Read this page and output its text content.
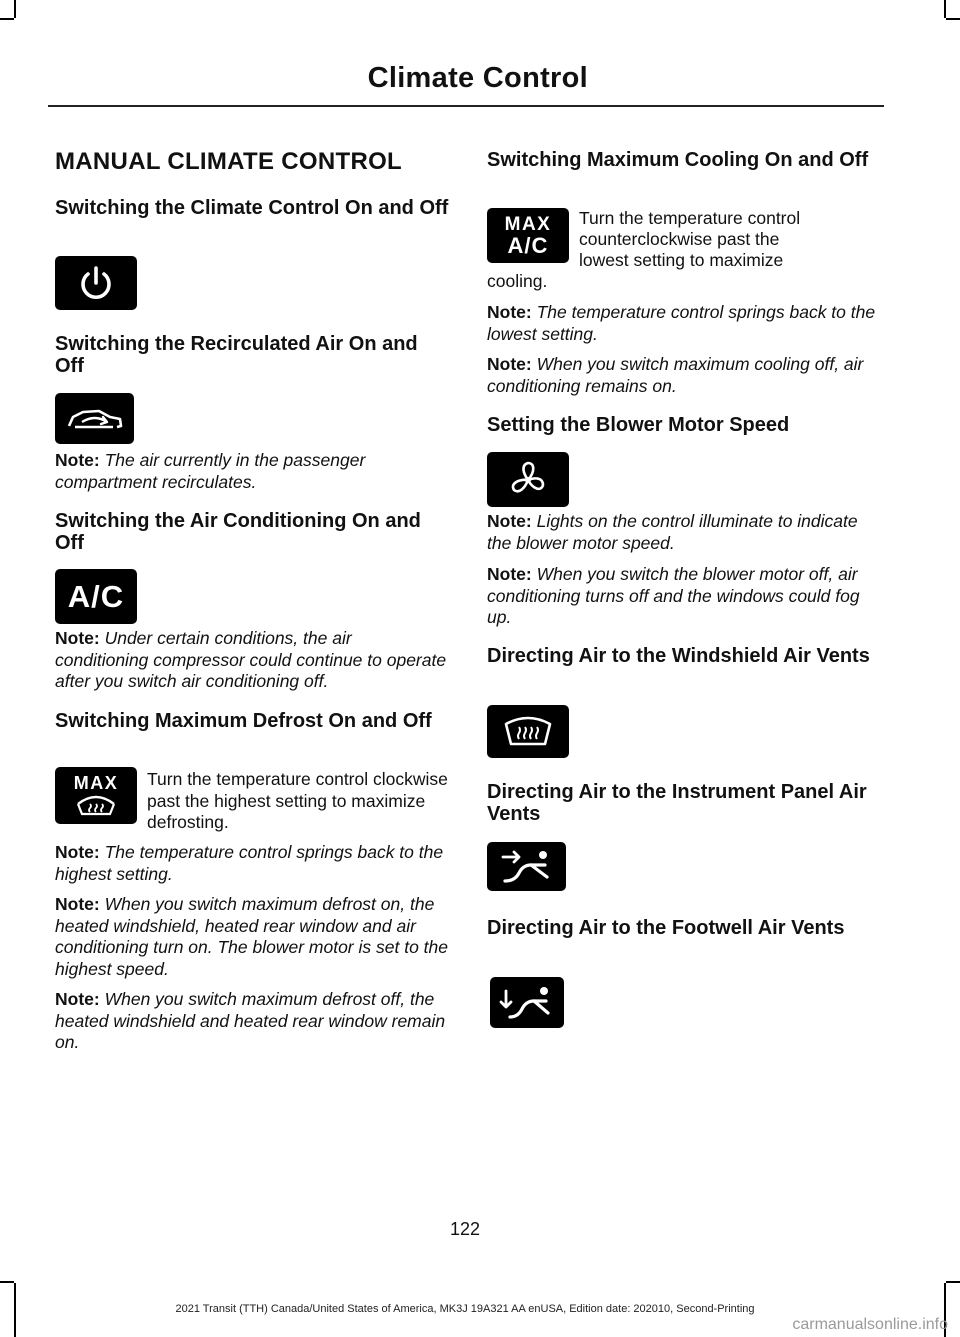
Climate Control
MANUAL CLIMATE CONTROL
Switching the Climate Control On and Off
Switching the Recirculated Air On and Off
Note: The air currently in the passenger compartment recirculates.
Switching the Air Conditioning On and Off
A/C
Note: Under certain conditions, the air conditioning compressor could continue to operate after you switch air conditioning off.
Switching Maximum Defrost On and Off
MAX Turn the temperature control clockwise past the highest setting to maximize defrosting.
Note: The temperature control springs back to the highest setting.
Note: When you switch maximum defrost on, the heated windshield, heated rear window and air conditioning turn on. The blower motor is set to the highest speed.
Note: When you switch maximum defrost off, the heated windshield and heated rear window remain on.
Switching Maximum Cooling On and Off
MAX
A/C
Turn the temperature control
counterclockwise past the
lowest setting to maximize
cooling.
Note: The temperature control springs back to the lowest setting.
Note: When you switch maximum cooling off, air conditioning remains on.
Setting the Blower Motor Speed
Note: Lights on the control illuminate to indicate the blower motor speed.
Note: When you switch the blower motor off, air conditioning turns off and the windows could fog up.
Directing Air to the Windshield Air Vents
Directing Air to the Instrument Panel Air Vents
Directing Air to the Footwell Air Vents
122
2021 Transit (TTH) Canada/United States of America, MK3J 19A321 AA enUSA, Edition date: 202010, Second-Printing
carmanualsonline.info
